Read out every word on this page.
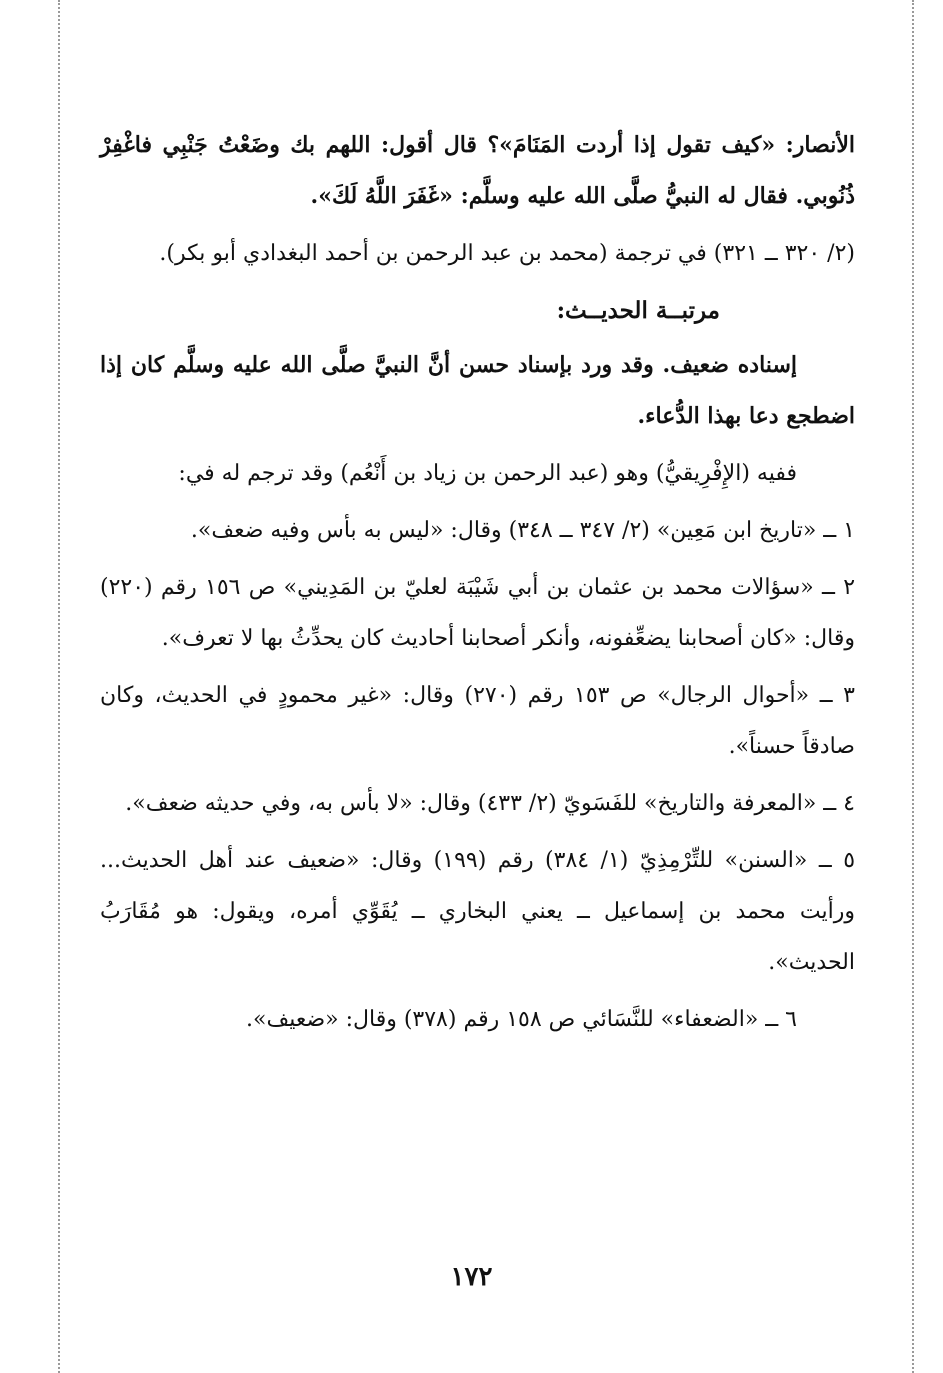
الأنصار: «كيف تقول إذا أردت المَنَامَ»؟ قال أقول: اللهم بك وضَعْتُ جَنْبِي فاغْفِرْ ذُنُوبي. فقال له النبيُّ صلَّى الله عليه وسلَّم: «غَفَرَ اللَّهُ لَكَ».

(٢/ ٣٢٠ ــ ٣٢١) في ترجمة (محمد بن عبد الرحمن بن أحمد البغدادي أبو بكر).

مرتبــة الحديــث:

إسناده ضعيف. وقد ورد بإسناد حسن أنَّ النبيَّ صلَّى الله عليه وسلَّم كان إذا اضطجع دعا بهذا الدُّعاء.

ففيه (الإِفْرِيقيُّ) وهو (عبد الرحمن بن زياد بن أَنْعُم) وقد ترجم له في:

١ ــ «تاريخ ابن مَعِين» (٢/ ٣٤٧ ــ ٣٤٨) وقال: «ليس به بأس وفيه ضعف».

٢ ــ «سؤالات محمد بن عثمان بن أبي شَيْبَة لعليّ بن المَدِيني» ص ١٥٦ رقم (٢٢٠) وقال: «كان أصحابنا يضعِّفونه، وأنكر أصحابنا أحاديث كان يحدِّثُ بها لا تعرف».

٣ ــ «أحوال الرجال» ص ١٥٣ رقم (٢٧٠) وقال: «غير محمودٍ في الحديث، وكان صادقاً حسناً».

٤ ــ «المعرفة والتاريخ» للفَسَويّ (٢/ ٤٣٣) وقال: «لا بأس به، وفي حديثه ضعف».

٥ ــ «السنن» للتِّرْمِذِيّ (١/ ٣٨٤) رقم (١٩٩) وقال: «ضعيف عند أهل الحديث... ورأيت محمد بن إسماعيل ــ يعني البخاري ــ يُقَوِّي أمره، ويقول: هو مُقَارَبُ الحديث».

٦ ــ «الضعفاء» للنَّسَائي ص ١٥٨ رقم (٣٧٨) وقال: «ضعيف».

١٧٢
